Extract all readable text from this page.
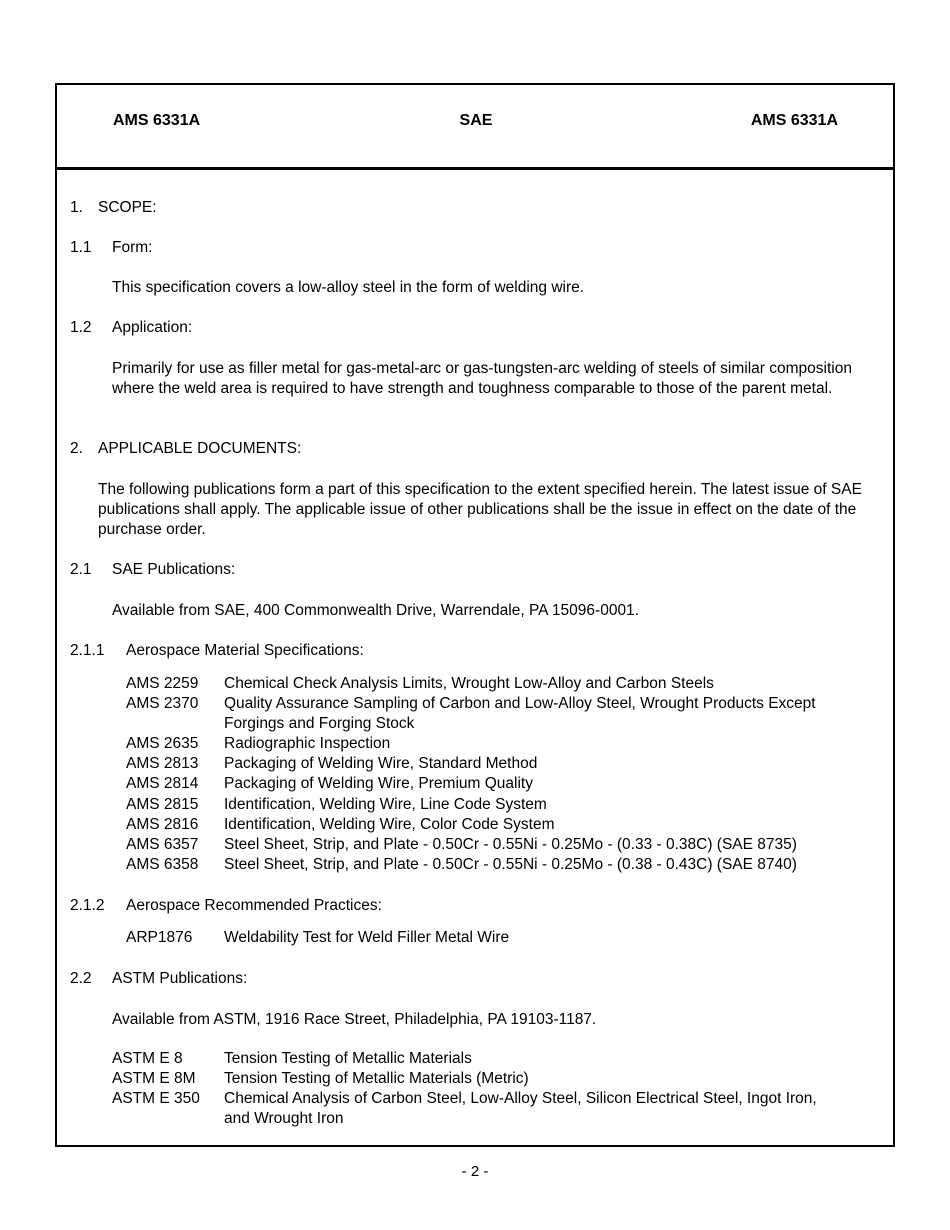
AMS 6331A	SAE	AMS 6331A
1. SCOPE:
1.1 Form:
This specification covers a low-alloy steel in the form of welding wire.
1.2 Application:
Primarily for use as filler metal for gas-metal-arc or gas-tungsten-arc welding of steels of similar composition where the weld area is required to have strength and toughness comparable to those of the parent metal.
2. APPLICABLE DOCUMENTS:
The following publications form a part of this specification to the extent specified herein. The latest issue of SAE publications shall apply. The applicable issue of other publications shall be the issue in effect on the date of the purchase order.
2.1 SAE Publications:
Available from SAE, 400 Commonwealth Drive, Warrendale, PA 15096-0001.
2.1.1 Aerospace Material Specifications:
AMS 2259	Chemical Check Analysis Limits, Wrought Low-Alloy and Carbon Steels
AMS 2370	Quality Assurance Sampling of Carbon and Low-Alloy Steel, Wrought Products Except Forgings and Forging Stock
AMS 2635	Radiographic Inspection
AMS 2813	Packaging of Welding Wire, Standard Method
AMS 2814	Packaging of Welding Wire, Premium Quality
AMS 2815	Identification, Welding Wire, Line Code System
AMS 2816	Identification, Welding Wire, Color Code System
AMS 6357	Steel Sheet, Strip, and Plate - 0.50Cr - 0.55Ni - 0.25Mo - (0.33 - 0.38C) (SAE 8735)
AMS 6358	Steel Sheet, Strip, and Plate - 0.50Cr - 0.55Ni - 0.25Mo - (0.38 - 0.43C) (SAE 8740)
2.1.2 Aerospace Recommended Practices:
ARP1876	Weldability Test for Weld Filler Metal Wire
2.2 ASTM Publications:
Available from ASTM, 1916 Race Street, Philadelphia, PA 19103-1187.
ASTM E 8	Tension Testing of Metallic Materials
ASTM E 8M	Tension Testing of Metallic Materials (Metric)
ASTM E 350	Chemical Analysis of Carbon Steel, Low-Alloy Steel, Silicon Electrical Steel, Ingot Iron, and Wrought Iron
- 2 -
